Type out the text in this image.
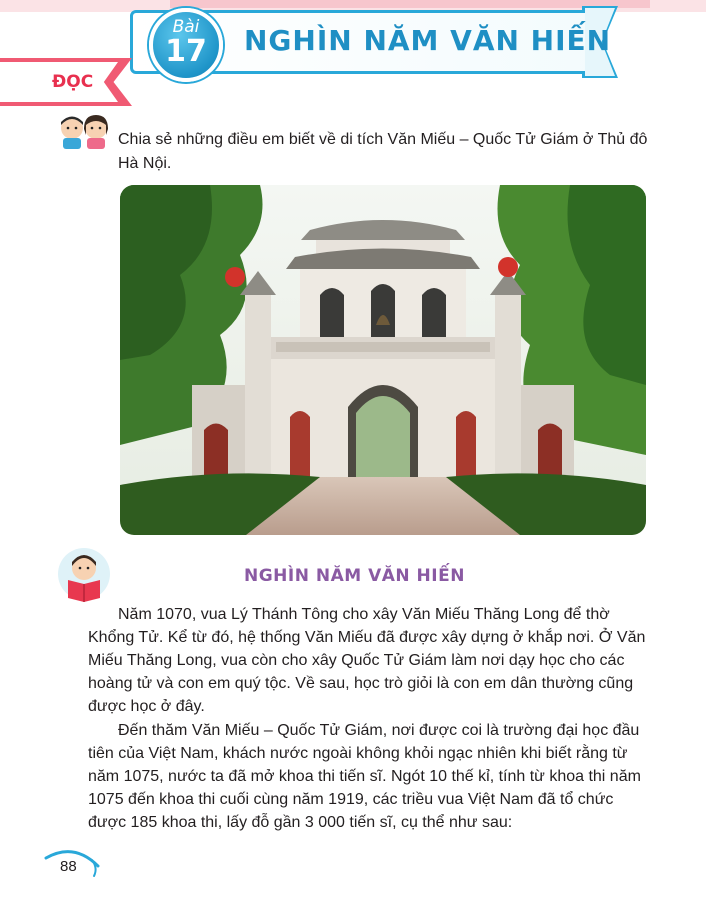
Bài
17	NGHÌN NĂM VĂN HIẾN
ĐỌC

Chia sẻ những điều em biết về di tích Văn Miếu – Quốc Tử Giám ở Thủ đô Hà Nội.

NGHÌN NĂM VĂN HIẾN

Năm 1070, vua Lý Thánh Tông cho xây Văn Miếu Thăng Long để thờ Khổng Tử. Kể từ đó, hệ thống Văn Miếu đã được xây dựng ở khắp nơi. Ở Văn Miếu Thăng Long, vua còn cho xây Quốc Tử Giám làm nơi dạy học cho các hoàng tử và con em quý tộc. Về sau, học trò giỏi là con em dân thường cũng được học ở đây.

Đến thăm Văn Miếu – Quốc Tử Giám, nơi được coi là trường đại học đầu tiên của Việt Nam, khách nước ngoài không khỏi ngạc nhiên khi biết rằng từ năm 1075, nước ta đã mở khoa thi tiến sĩ. Ngót 10 thế kỉ, tính từ khoa thi năm 1075 đến khoa thi cuối cùng năm 1919, các triều vua Việt Nam đã tổ chức được 185 khoa thi, lấy đỗ gần 3 000 tiến sĩ, cụ thể như sau:

88
